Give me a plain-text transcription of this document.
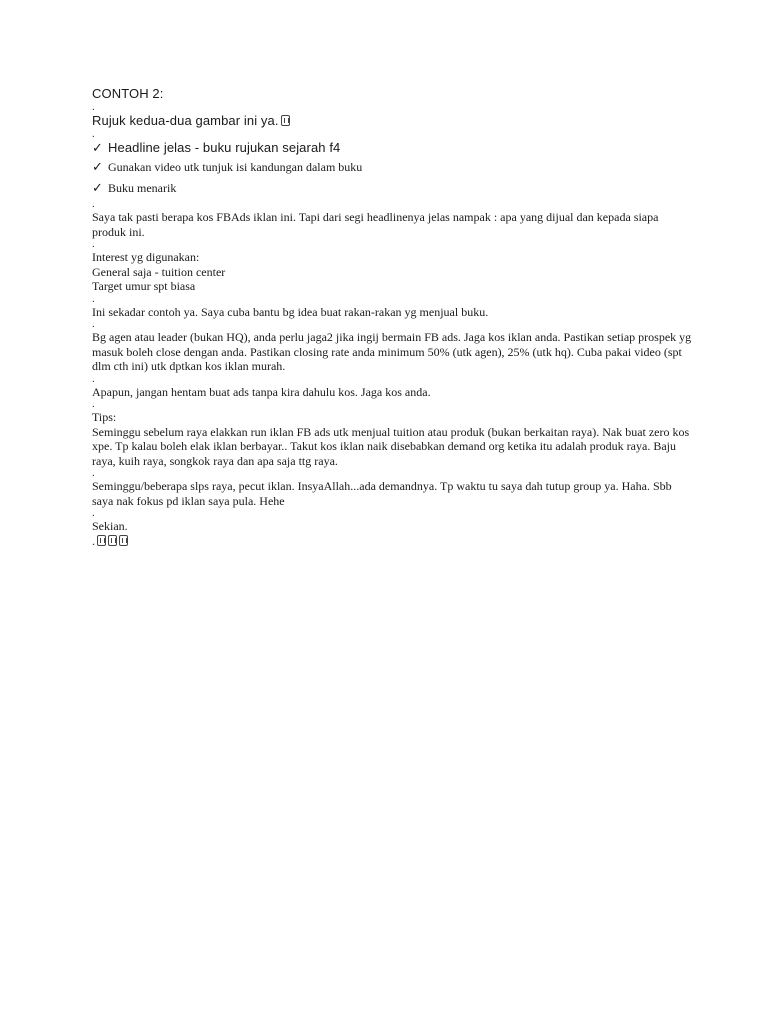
CONTOH 2:
.
Rujuk kedua-dua gambar ini ya.
.
✓ Headline jelas - buku rujukan sejarah f4
✓ Gunakan video utk tunjuk isi kandungan dalam buku
✓ Buku menarik
.
Saya tak pasti berapa kos FBAds iklan ini. Tapi dari segi headlinenya jelas nampak : apa yang dijual dan kepada siapa produk ini.
.
Interest yg digunakan:
General saja - tuition center
Target umur spt biasa
.
Ini sekadar contoh ya. Saya cuba bantu bg idea buat rakan-rakan yg menjual buku.
.
Bg agen atau leader (bukan HQ), anda perlu jaga2 jika ingij bermain FB ads. Jaga kos iklan anda. Pastikan setiap prospek yg masuk boleh close dengan anda. Pastikan closing rate anda minimum 50% (utk agen), 25% (utk hq). Cuba pakai video (spt dlm cth ini) utk dptkan kos iklan murah.
.
Apapun, jangan hentam buat ads tanpa kira dahulu kos. Jaga kos anda.
.
Tips:
Seminggu sebelum raya elakkan run iklan FB ads utk menjual tuition atau produk (bukan berkaitan raya). Nak buat zero kos xpe. Tp kalau boleh elak iklan berbayar.. Takut kos iklan naik disebabkan demand org ketika itu adalah produk raya. Baju raya, kuih raya, songkok raya dan apa saja ttg raya.
.
Seminggu/beberapa slps raya, pecut iklan. InsyaAllah...ada demandnya. Tp waktu tu saya dah tutup group ya. Haha. Sbb saya nak fokus pd iklan saya pula. Hehe
.
Sekian.
.
